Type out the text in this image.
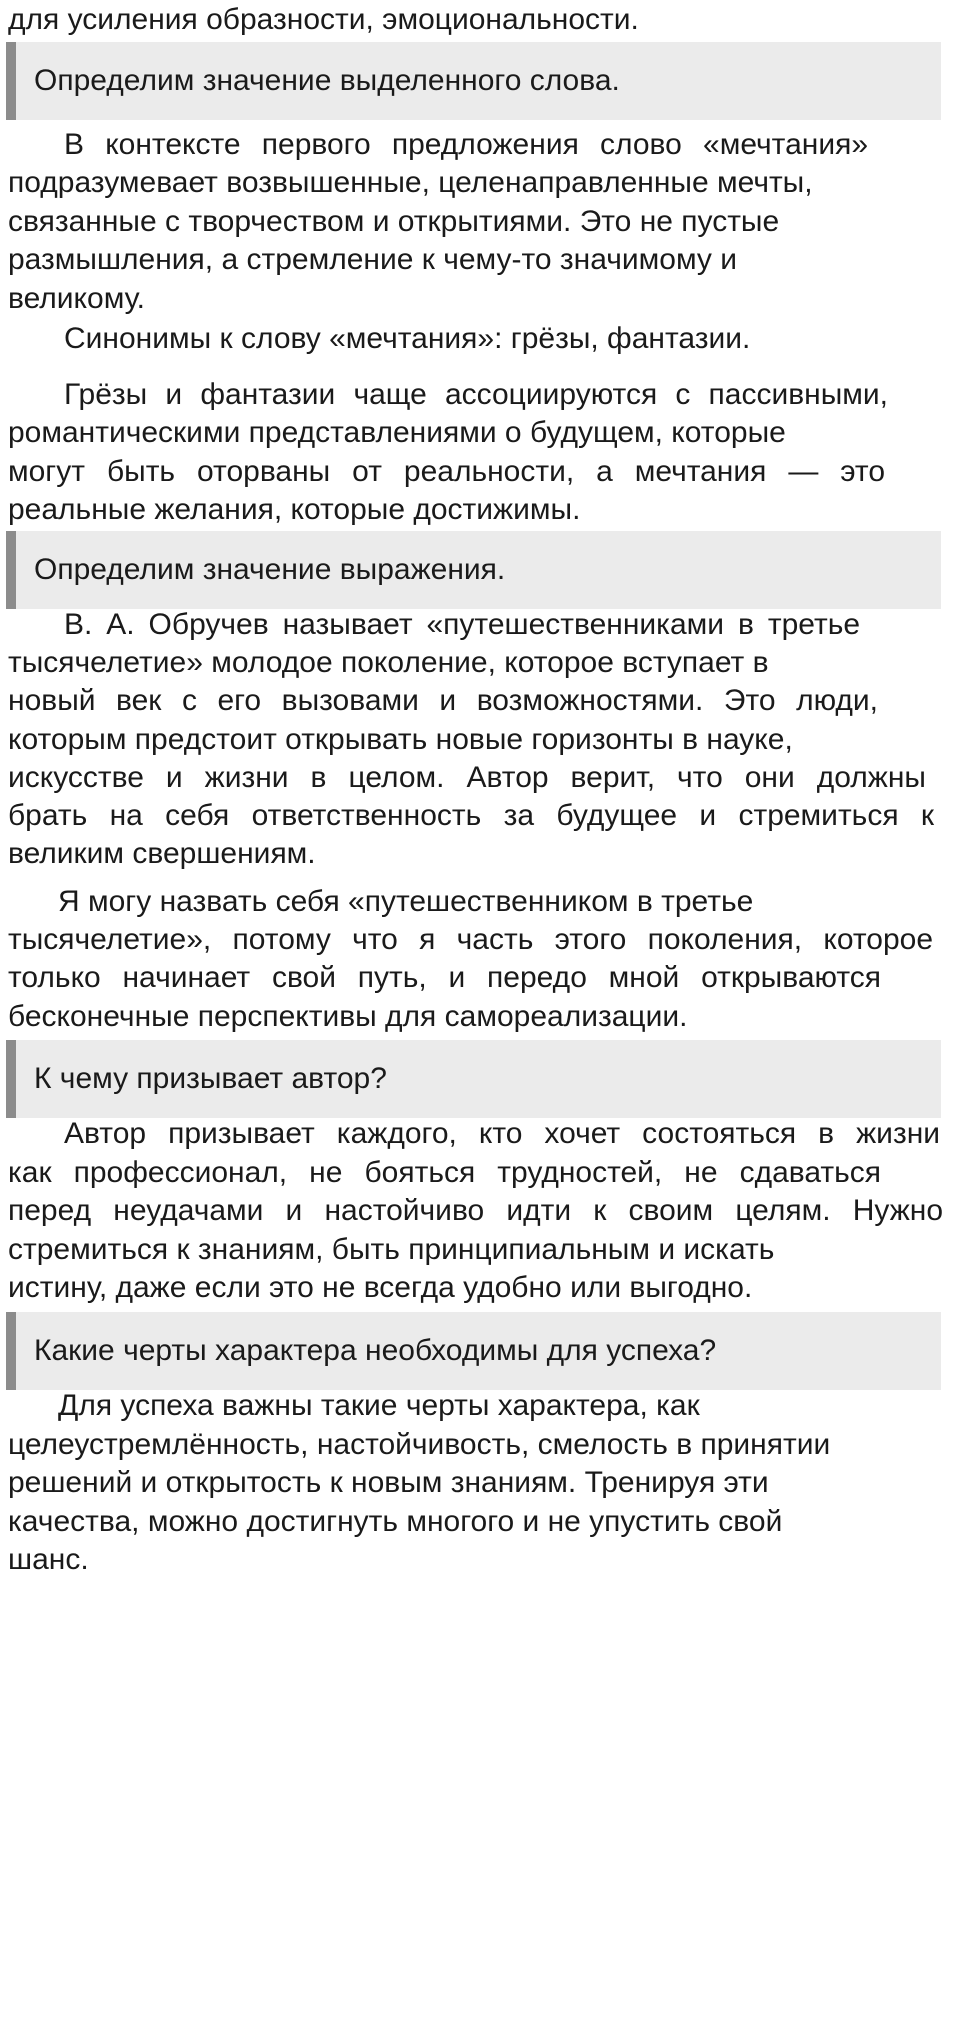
для усиления образности, эмоциональности.
Определим значение выделенного слова.
В контексте первого предложения слово «мечтания»
подразумевает возвышенные, целенаправленные мечты,
связанные с творчеством и открытиями. Это не пустые
размышления, а стремление к чему-то значимому и
великому.
Синонимы к слову «мечтания»: грёзы, фантазии.
Грёзы и фантазии чаще ассоциируются с пассивными,
романтическими представлениями о будущем, которые
могут быть оторваны от реальности, а мечтания — это
реальные желания, которые достижимы.
Определим значение выражения.
В. А. Обручев называет «путешественниками в третье
тысячелетие» молодое поколение, которое вступает в
новый век с его вызовами и возможностями. Это люди,
которым предстоит открывать новые горизонты в науке,
искусстве и жизни в целом. Автор верит, что они должны
брать на себя ответственность за будущее и стремиться к
великим свершениям.
Я могу назвать себя «путешественником в третье
тысячелетие», потому что я часть этого поколения, которое
только начинает свой путь, и передо мной открываются
бесконечные перспективы для самореализации.
К чему призывает автор?
Автор призывает каждого, кто хочет состояться в жизни
как профессионал, не бояться трудностей, не сдаваться
перед неудачами и настойчиво идти к своим целям. Нужно
стремиться к знаниям, быть принципиальным и искать
истину, даже если это не всегда удобно или выгодно.
Какие черты характера необходимы для успеха?
Для успеха важны такие черты характера, как
целеустремлённость, настойчивость, смелость в принятии
решений и открытость к новым знаниям. Тренируя эти
качества, можно достигнуть многого и не упустить свой
шанс.
